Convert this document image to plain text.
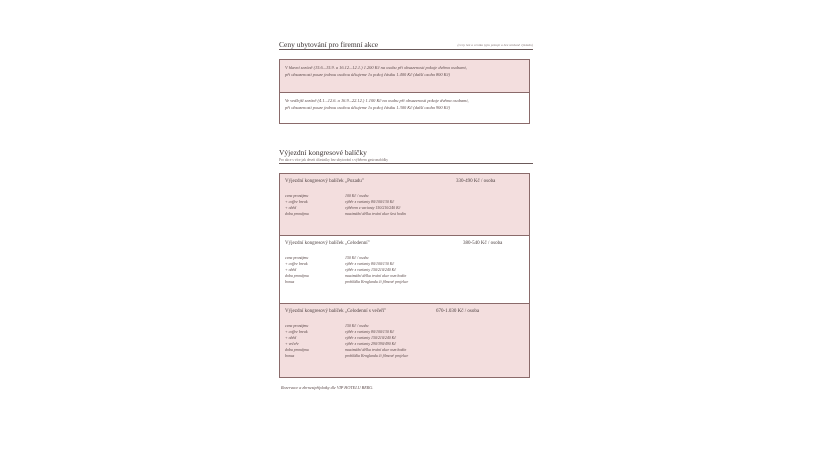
Ceny ubytování pro firemní akce	(ceny hot a cenika typu pokoje a bez snídaně výkladu)
V hlavní sezóně (15.6.–15.9. a 16.12.–12.1.) 1.200 Kč na osobu při obsazenosti pokoje dvěma osobami,
při obsazenosti pouze jednou osobou účtujeme 1x pokoj částku 1.400 Kč (další osoba 800 Kč)
Ve vedlejší sezóně (4.1.–12.6. a 16.9.–22.12.) 1.100 Kč na osobu při obsazenosti pokoje dvěma osobami,
při obsazenosti pouze jednou osobou účtujeme 1x pokoj částku 1.300 Kč (další osoba 900 Kč)
Výjezdní kongresové balíčky
Pro akce s více jak deseti účastníky bez ubytování s výběrem gastronabídky
Výjezdní kongresový balíček „Pozadu"	330-490 Kč / osoba
cena pronájmu	100 Kč / osobu
+ coffee break	výběr z varianty 80/100/130 Kč
+ oběd	výběrem z varianty 150/210/240 Kč
doba pronájmu	maximální délka trvání akce šest hodin
Výjezdní kongresový balíček „Celodenní"	380-540 Kč / osoba
cena pronájmu	150 Kč / osobu
+ coffee break	výběr z varianty 80/100/130 Kč
+ oběd	výběr z varianty 150/210/240 Kč
doba pronájmu	maximální délka trvání akce osm hodin
bonus	prohlídka Krnglandu či filmové projekce
Výjezdní kongresový balíček „Celodenní s večeří"	670-1.030 Kč / osoba
cena pronájmu	150 Kč / osobu
+ coffee break	výběr z varianty 80/100/130 Kč
+ oběd	výběr z varianty 150/210/240 Kč
+ večeře	výběr z varianty 290/390/490 Kč
doba pronájmu	maximální délka trvání akce osm hodin
bonus	prohlídka Krnglandu či filmové projekce
Rezervace a zbrnestpříplatky dle VIP HOTELU BERG.
